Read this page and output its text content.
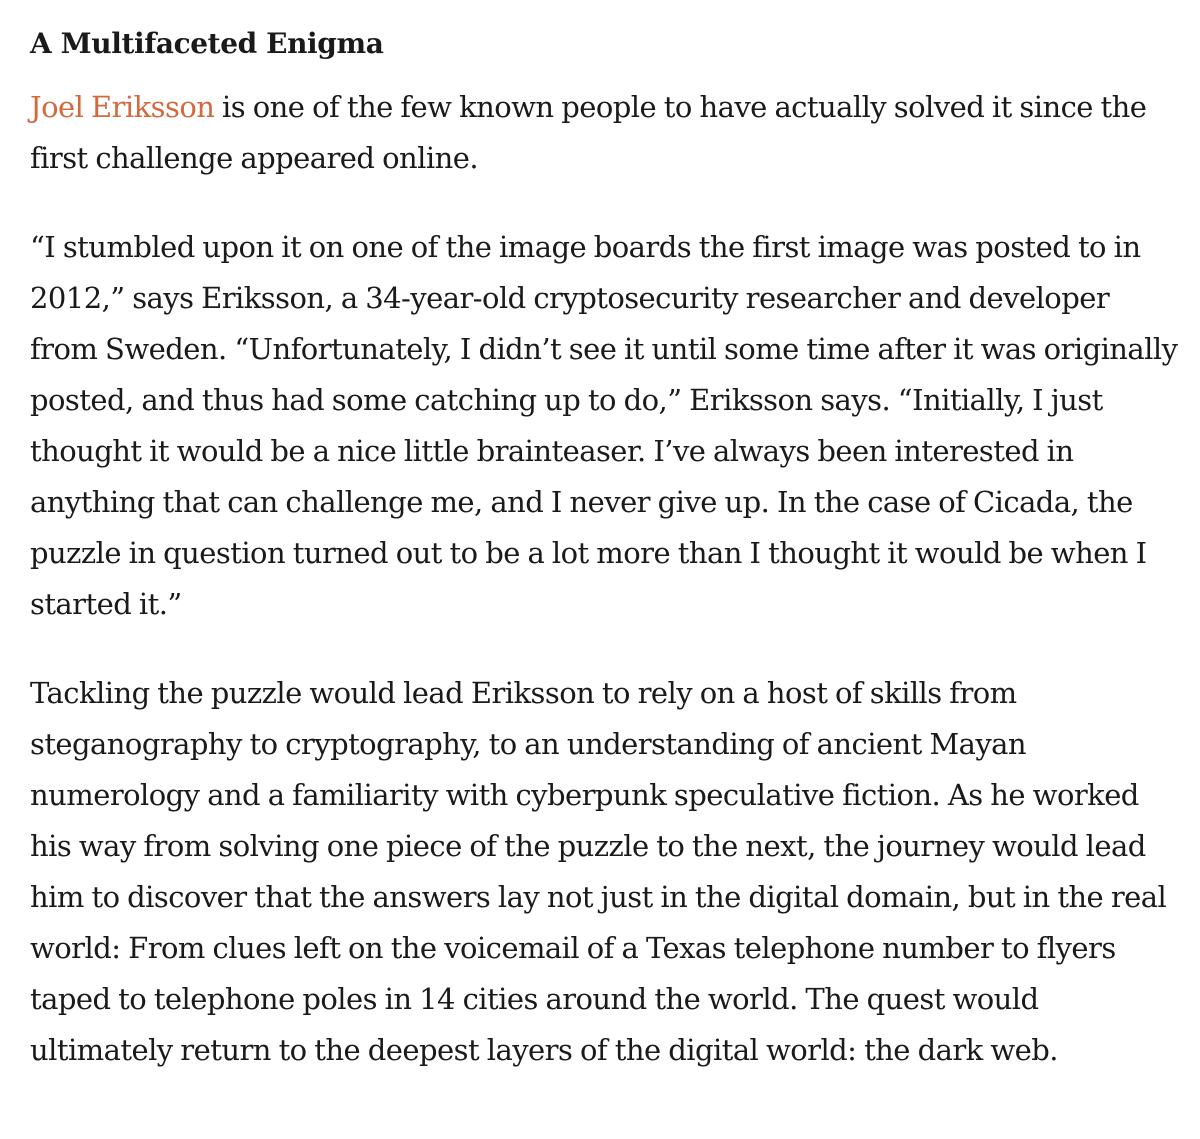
A Multifaceted Enigma

Joel Eriksson is one of the few known people to have actually solved it since the first challenge appeared online.

“I stumbled upon it on one of the image boards the first image was posted to in 2012,” says Eriksson, a 34-year-old cryptosecurity researcher and developer from Sweden. “Unfortunately, I didn’t see it until some time after it was originally posted, and thus had some catching up to do,” Eriksson says. “Initially, I just thought it would be a nice little brainteaser. I’ve always been interested in anything that can challenge me, and I never give up. In the case of Cicada, the puzzle in question turned out to be a lot more than I thought it would be when I started it.”

Tackling the puzzle would lead Eriksson to rely on a host of skills from steganography to cryptography, to an understanding of ancient Mayan numerology and a familiarity with cyberpunk speculative fiction. As he worked his way from solving one piece of the puzzle to the next, the journey would lead him to discover that the answers lay not just in the digital domain, but in the real world: From clues left on the voicemail of a Texas telephone number to flyers taped to telephone poles in 14 cities around the world. The quest would ultimately return to the deepest layers of the digital world: the dark web.
